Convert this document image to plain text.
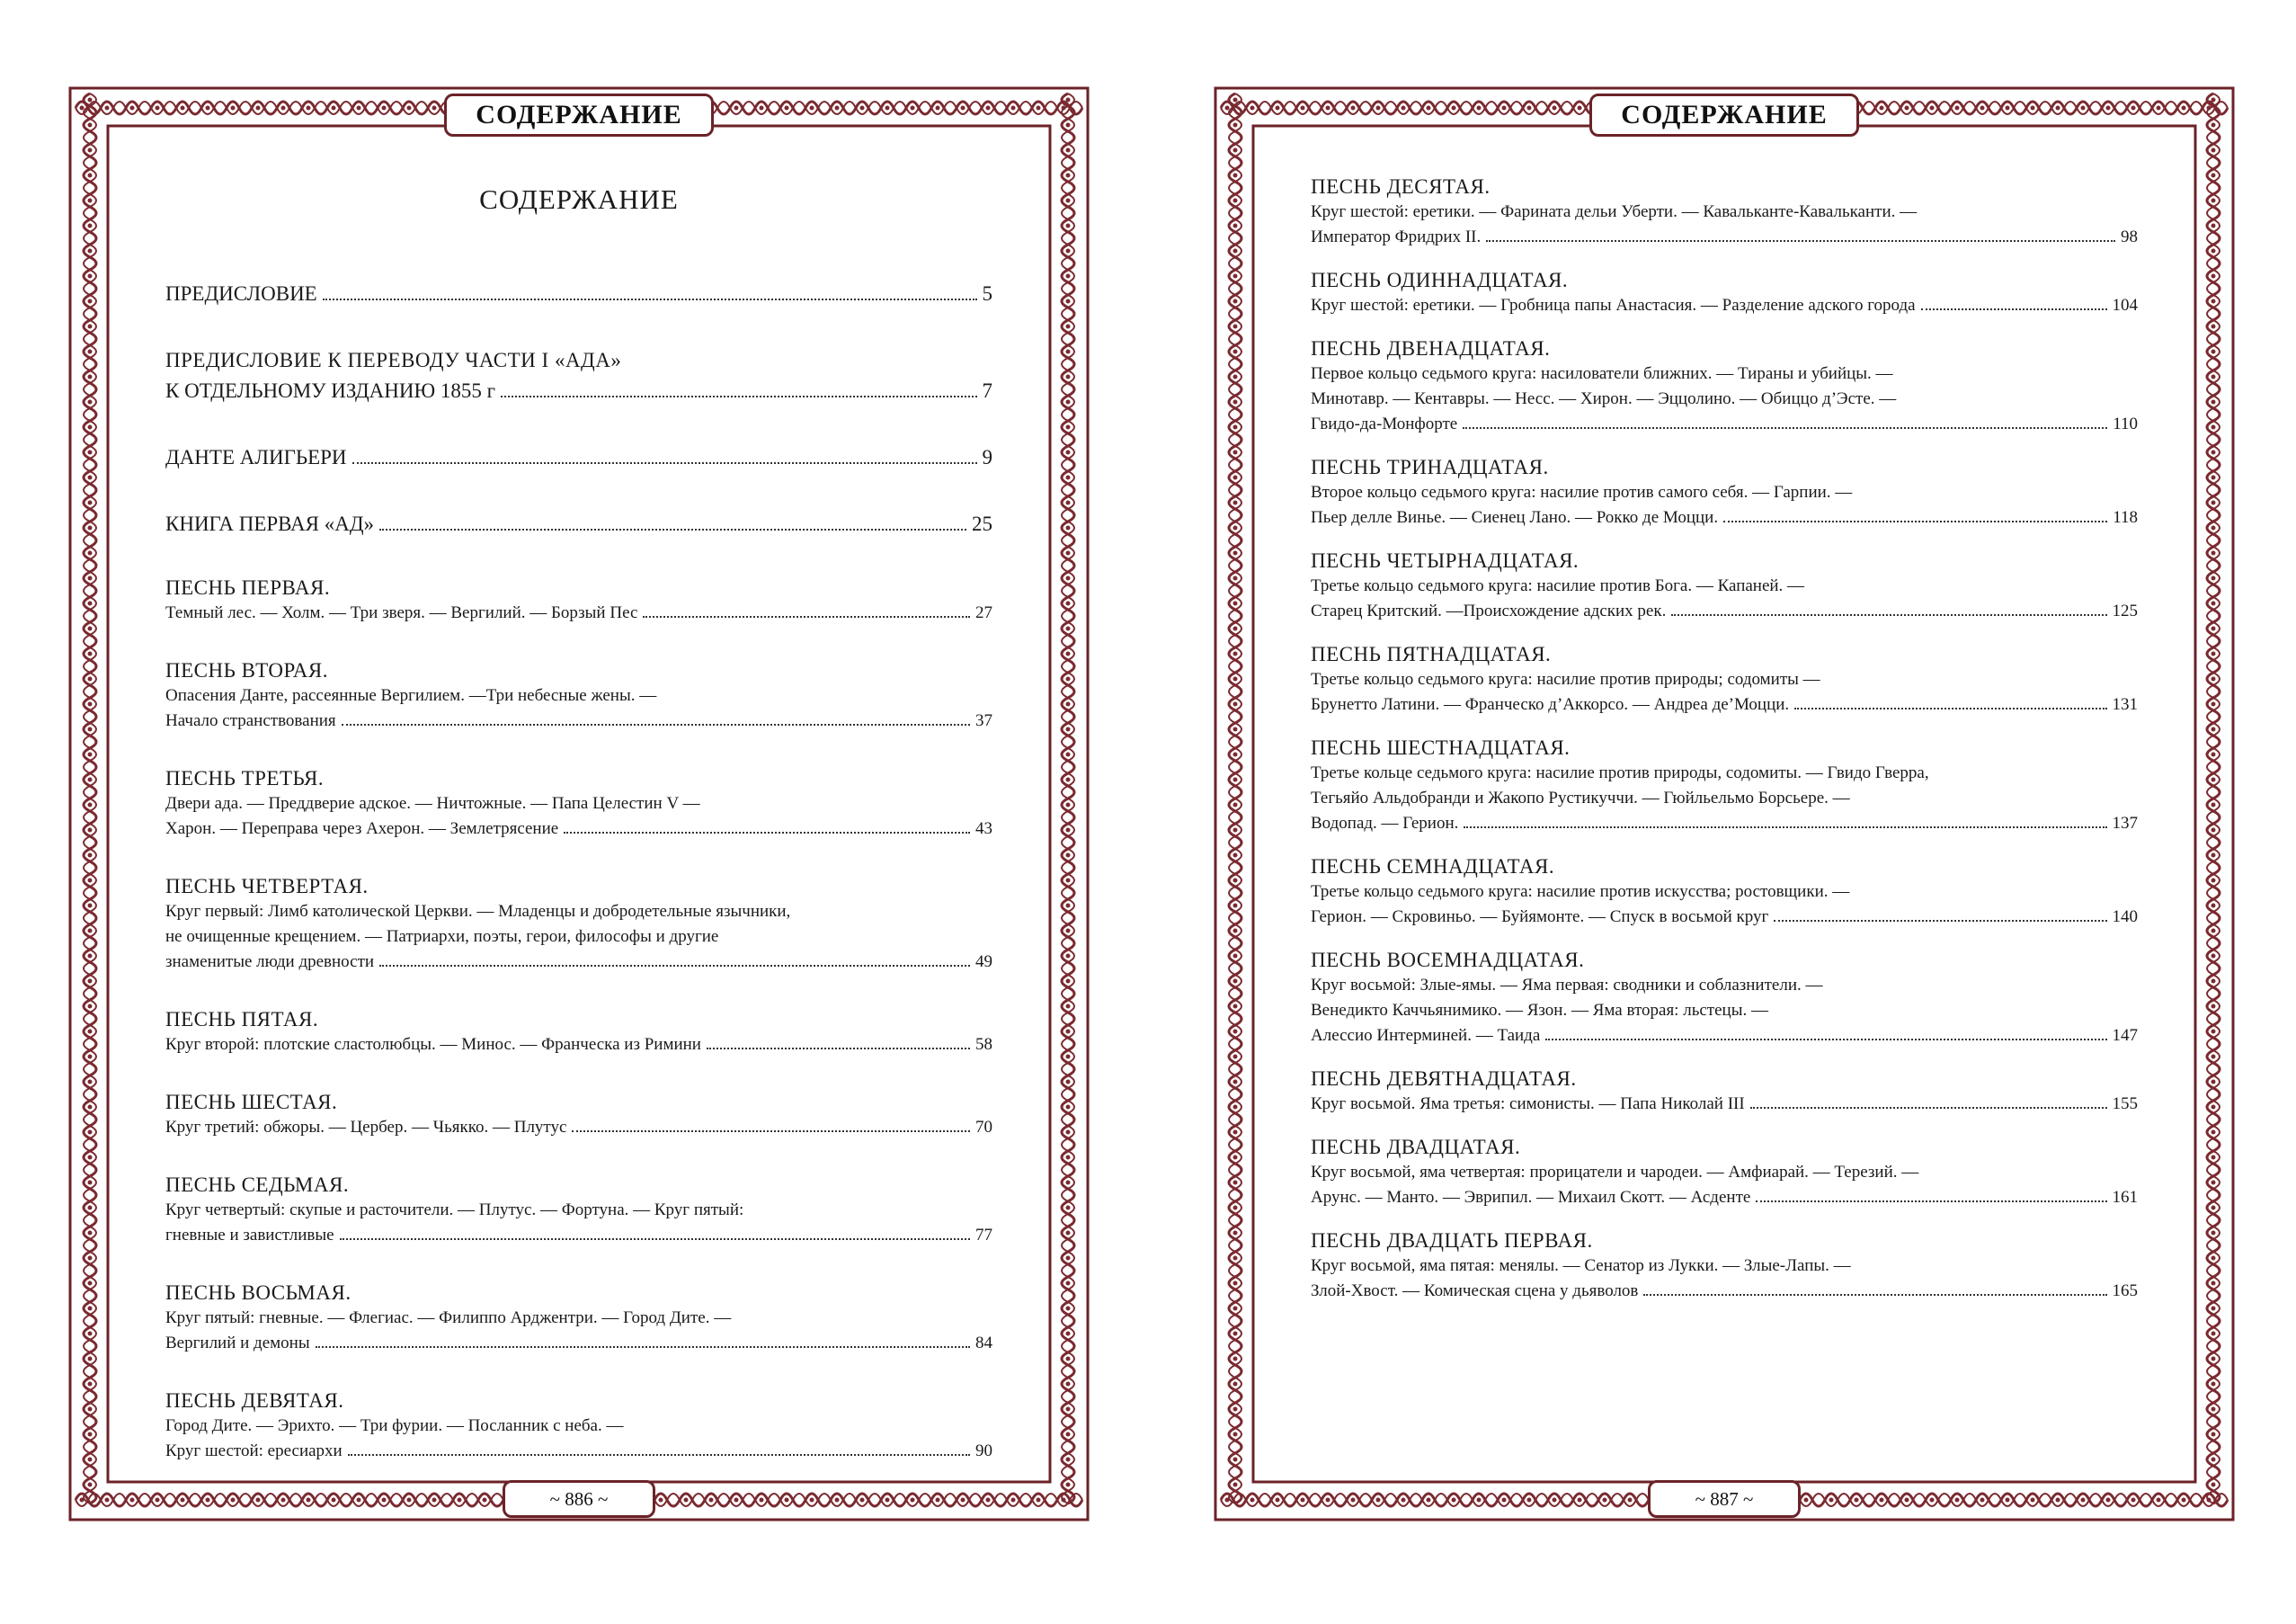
СОДЕРЖАНИЕ
СОДЕРЖАНИЕ
ПРЕДИСЛОВИЕ	5
ПРЕДИСЛОВИЕ К ПЕРЕВОДУ ЧАСТИ I «АДА»
К ОТДЕЛЬНОМУ ИЗДАНИЮ 1855 г	7
ДАНТЕ АЛИГЬЕРИ	9
КНИГА ПЕРВАЯ «АД»	25
ПЕСНЬ ПЕРВАЯ.
Темный лес. — Холм. — Три зверя. — Вергилий. — Борзый Пес	27
ПЕСНЬ ВТОРАЯ.
Опасения Данте, рассеянные Вергилием. —Три небесные жены. —
Начало странствования	37
ПЕСНЬ ТРЕТЬЯ.
Двери ада. — Преддверие адское. — Ничтожные. — Папа Целестин V —
Харон. — Переправа через Ахерон. — Землетрясение	43
ПЕСНЬ ЧЕТВЕРТАЯ.
Круг первый: Лимб католической Церкви. — Младенцы и добродетельные язычники,
не очищенные крещением. — Патриархи, поэты, герои, философы и другие
знаменитые люди древности	49
ПЕСНЬ ПЯТАЯ.
Круг второй: плотские сластолюбцы. — Минос. — Франческа из Римини	58
ПЕСНЬ ШЕСТАЯ.
Круг третий: обжоры. — Цербер. — Чьякко. — Плутус	70
ПЕСНЬ СЕДЬМАЯ.
Круг четвертый: скупые и расточители. — Плутус. — Фортуна. — Круг пятый:
гневные и завистливые	77
ПЕСНЬ ВОСЬМАЯ.
Круг пятый: гневные. — Флегиас. — Филиппо Арджентри. — Город Дите. —
Вергилий и демоны	84
ПЕСНЬ ДЕВЯТАЯ.
Город Дите. — Эрихто. — Три фурии. — Посланник с неба. —
Круг шестой: ересиархи	90
~ 886 ~
СОДЕРЖАНИЕ
ПЕСНЬ ДЕСЯТАЯ.
Круг шестой: еретики. — Фарината дельи Уберти. — Кавальканте-Кавальканти. —
Император Фридрих II.	98
ПЕСНЬ ОДИННАДЦАТАЯ.
Круг шестой: еретики. — Гробница папы Анастасия. — Разделение адского города	104
ПЕСНЬ ДВЕНАДЦАТАЯ.
Первое кольцо седьмого круга: насилователи ближних. — Тираны и убийцы. —
Минотавр. — Кентавры. — Несс. — Хирон. — Эццолино. — Обиццо д’Эсте. —
Гвидо-да-Монфорте	110
ПЕСНЬ ТРИНАДЦАТАЯ.
Второе кольцо седьмого круга: насилие против самого себя. — Гарпии. —
Пьер делле Винье. — Сиенец Лано. — Рокко де Моцци.	118
ПЕСНЬ ЧЕТЫРНАДЦАТАЯ.
Третье кольцо седьмого круга: насилие против Бога. — Капаней. —
Старец Критский. —Происхождение адских рек.	125
ПЕСНЬ ПЯТНАДЦАТАЯ.
Третье кольцо седьмого круга: насилие против природы; содомиты —
Брунетто Латини. — Франческо д’Аккорсо. — Андреа де’Моцци.	131
ПЕСНЬ ШЕСТНАДЦАТАЯ.
Третье кольце седьмого круга: насилие против природы, содомиты. — Гвидо Гверра,
Тегьяйо Альдобранди и Жакопо Рустикуччи. — Гюйльельмо Борсьере. —
Водопад. — Герион.	137
ПЕСНЬ СЕМНАДЦАТАЯ.
Третье кольцо седьмого круга: насилие против искусства; ростовщики. —
Герион. — Скровиньо. — Буйямонте. — Спуск в восьмой круг	140
ПЕСНЬ ВОСЕМНАДЦАТАЯ.
Круг восьмой: Злые-ямы. — Яма первая: сводники и соблазнители. —
Венедикто Каччьянимико. — Язон. — Яма вторая: льстецы. —
Алессио Интерминей. — Таида	147
ПЕСНЬ ДЕВЯТНАДЦАТАЯ.
Круг восьмой. Яма третья: симонисты. — Папа Николай III	155
ПЕСНЬ ДВАДЦАТАЯ.
Круг восьмой, яма четвертая: прорицатели и чародеи. — Амфиарай. — Терезий. —
Арунс. — Манто. — Эврипил. — Михаил Скотт. — Асденте	161
ПЕСНЬ ДВАДЦАТЬ ПЕРВАЯ.
Круг восьмой, яма пятая: менялы. — Сенатор из Лукки. — Злые-Лапы. —
Злой-Хвост. — Комическая сцена у дьяволов	165
~ 887 ~
